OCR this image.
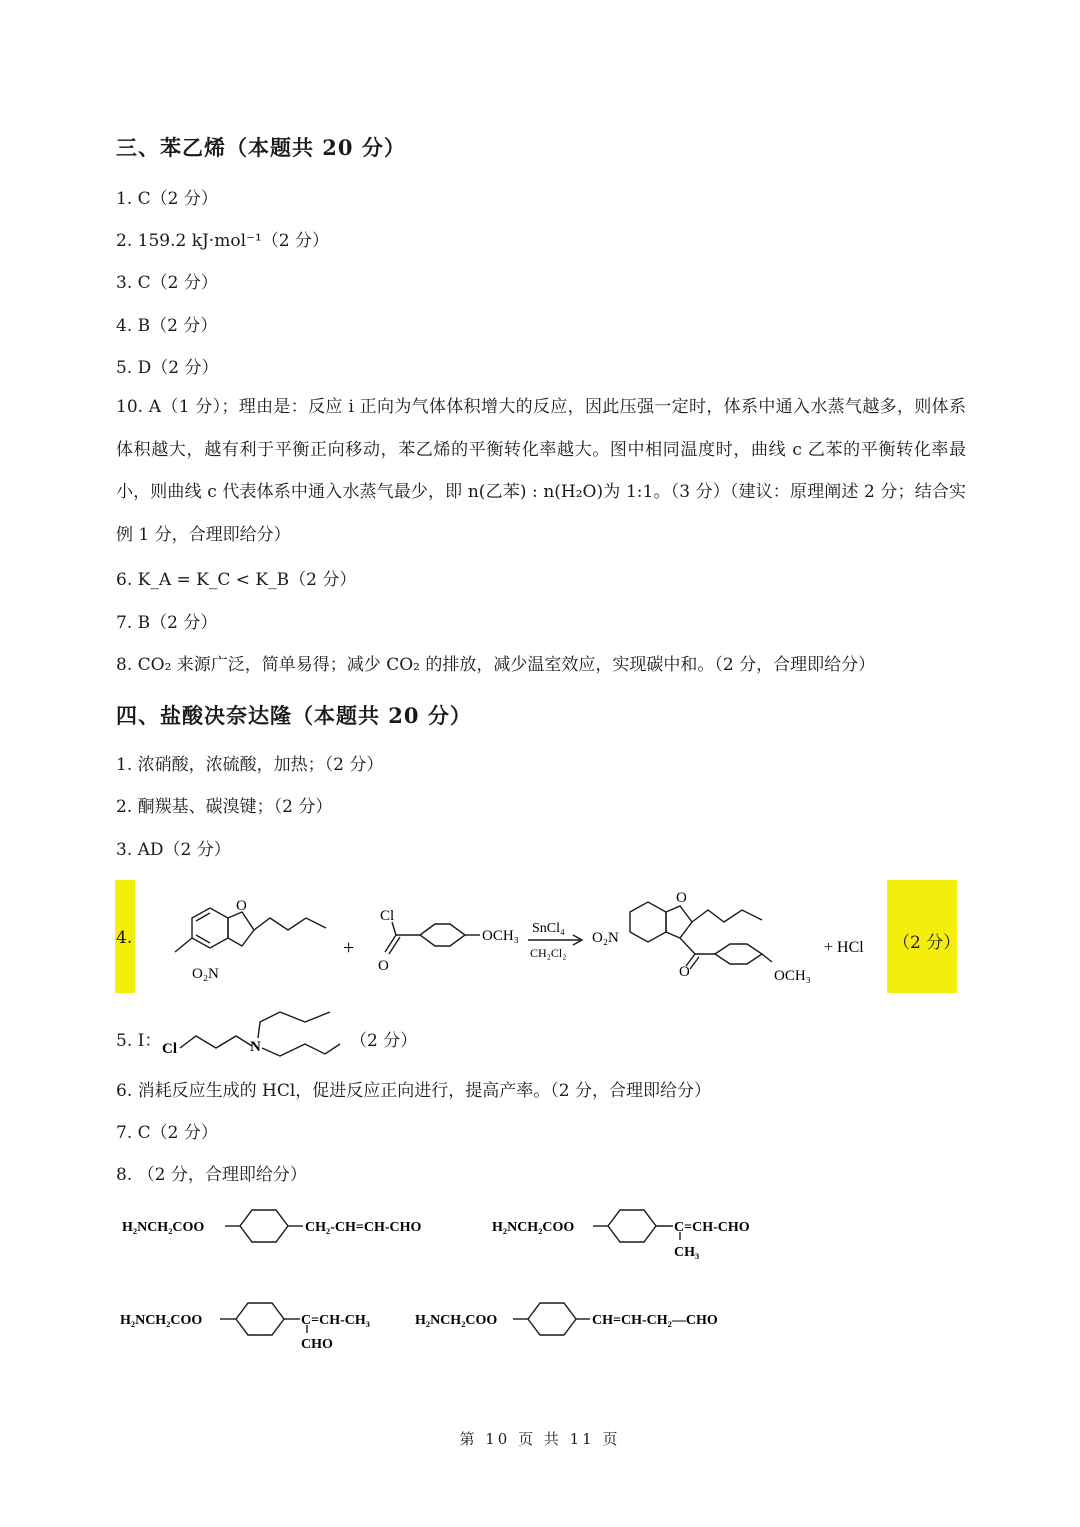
三、苯乙烯（本题共 20 分）
1. C（2 分）
2. 159.2 kJ·mol⁻¹（2 分）
3. C（2 分）
4. B（2 分）
5. D（2 分）
10. A（1 分）；理由是：反应 i 正向为气体体积增大的反应，因此压强一定时，体系中通入水蒸气越多，则体系体积越大，越有利于平衡正向移动，苯乙烯的平衡转化率越大。图中相同温度时，曲线 c 乙苯的平衡转化率最小，则曲线 c 代表体系中通入水蒸气最少，即 n(乙苯) : n(H₂O)为 1:1。（3 分）（建议：原理阐述 2 分；结合实例 1 分，合理即给分）
6. K_A = K_C < K_B（2 分）
7. B（2 分）
8. CO₂ 来源广泛，简单易得；减少 CO₂ 的排放，减少温室效应，实现碳中和。（2 分，合理即给分）
四、盐酸决奈达隆（本题共 20 分）
1. 浓硝酸，浓硫酸，加热；（2 分）
2. 酮羰基、碳溴键；（2 分）
3. AD（2 分）
4.	（2 分）
O₂N
O
+
Cl
O
OCH₃ SnCl₄
CH₂Cl₂
O₂N
O
O	OCH₃
+ HCl
5. I： Cl	N	（2 分）
6. 消耗反应生成的 HCl，促进反应正向进行，提高产率。（2 分，合理即给分）
7. C（2 分）
8. （2 分，合理即给分）
H₂NCH₂COO	CH₂-CH=CH-CHO	H₂NCH₂COO	C=CH-CHO
CH₃
H₂NCH₂COO	C=CH-CH₃
CHO
H₂NCH₂COO	CH=CH-CH₂—CHO
第 10 页 共 11 页
